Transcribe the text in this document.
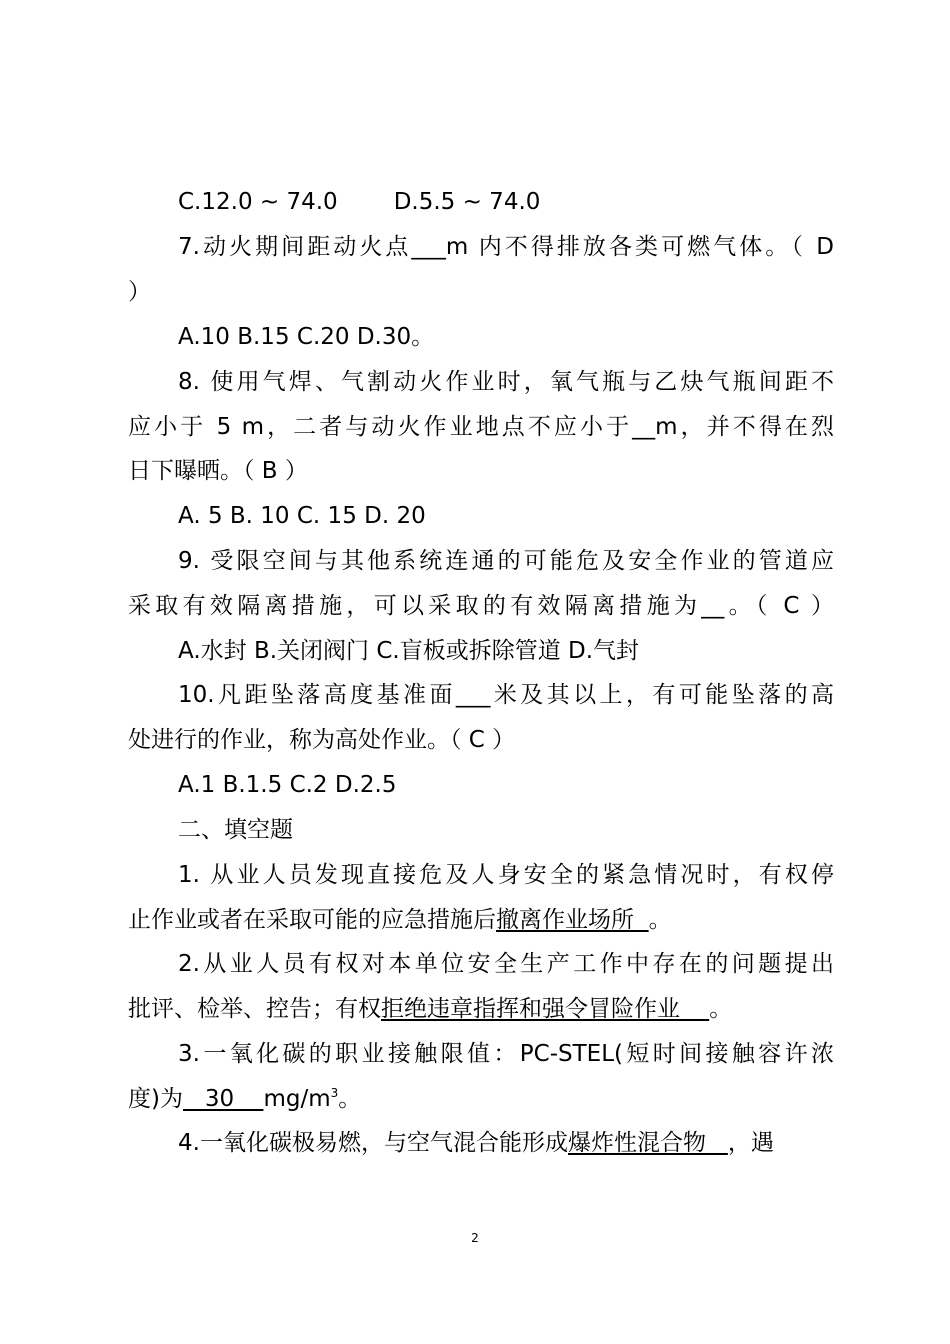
C.12.0 ~ 74.0 D.5.5 ~ 74.0
7.动火期间距动火点___m 内不得排放各类可燃气体。（ D
）
A.10 B.15 C.20 D.30。
8. 使用气焊、气割动火作业时，氧气瓶与乙炔气瓶间距不
应小于 5 m，二者与动火作业地点不应小于__m，并不得在烈
日下曝晒。（ B ）
A. 5 B. 10 C. 15 D. 20
9. 受限空间与其他系统连通的可能危及安全作业的管道应
采取有效隔离措施，可以采取的有效隔离措施为__。（ C ）
A.水封 B.关闭阀门 C.盲板或拆除管道 D.气封
10.凡距坠落高度基准面___米及其以上，有可能坠落的高
处进行的作业，称为高处作业。（ C ）
A.1 B.1.5 C.2 D.2.5
二、填空题
1. 从业人员发现直接危及人身安全的紧急情况时，有权停
止作业或者在采取可能的应急措施后撤离作业场所  。
2.从业人员有权对本单位安全生产工作中存在的问题提出
批评、检举、控告；有权拒绝违章指挥和强令冒险作业    。
3.一氧化碳的职业接触限值：PC-STEL(短时间接触容许浓
度)为   30    $mg/m^3$。
4.一氧化碳极易燃，与空气混合能形成爆炸性混合物   ，遇
2
